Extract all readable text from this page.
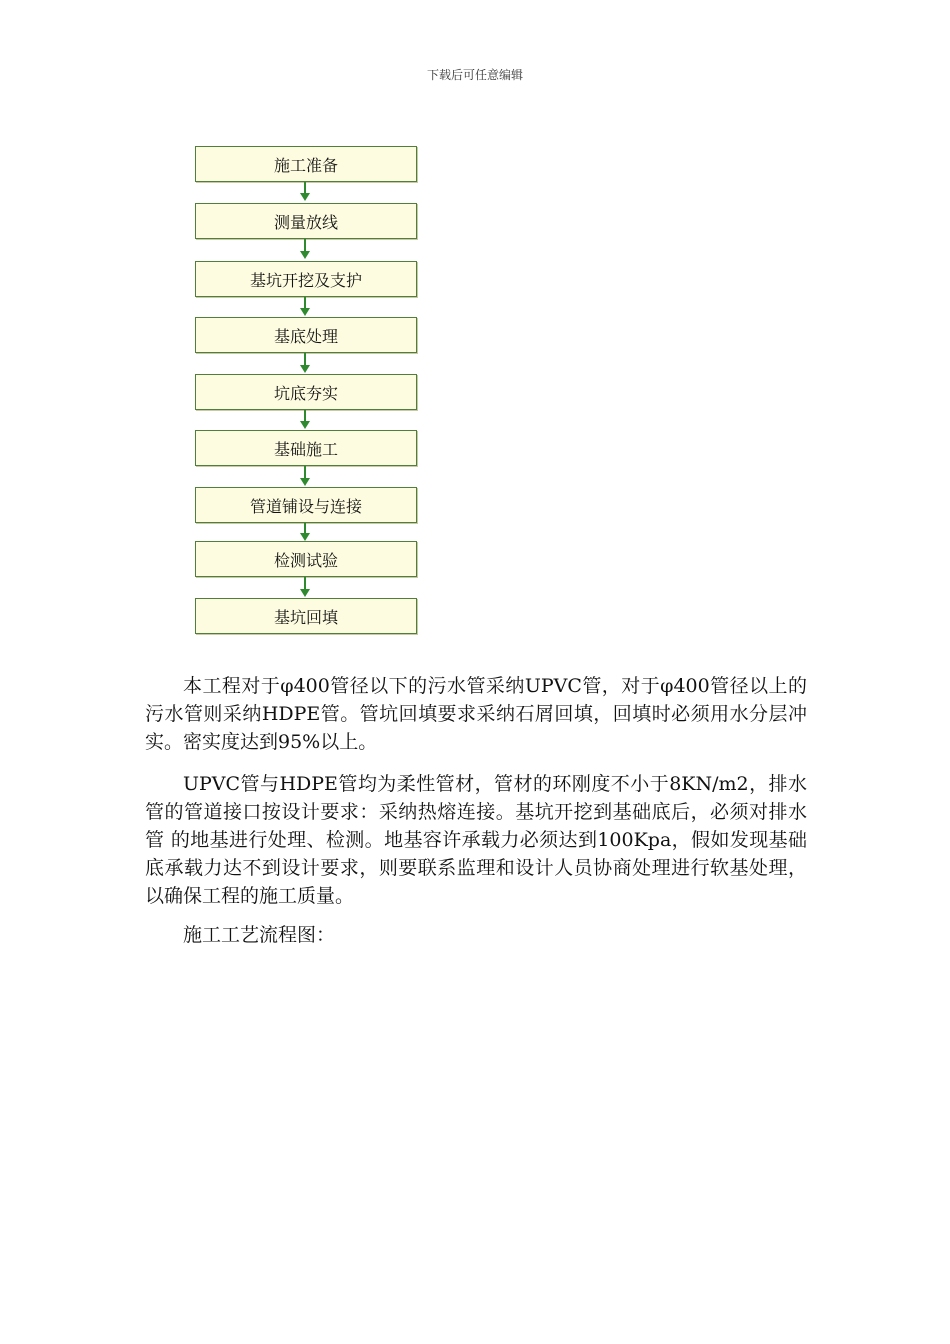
下载后可任意编辑
施工准备
测量放线
基坑开挖及支护
基底处理
坑底夯实
基础施工
管道铺设与连接
检测试验
基坑回填

本工程对于φ400管径以下的污水管采纳UPVC管，对于φ400管径以上的污水管则采纳HDPE管。管坑回填要求采纳石屑回填，回填时必须用水分层冲实。密实度达到95%以上。

UPVC管与HDPE管均为柔性管材，管材的环刚度不小于8KN/m2，排水管的管道接口按设计要求：采纳热熔连接。基坑开挖到基础底后，必须对排水管 的地基进行处理、检测。地基容许承载力必须达到100Kpa，假如发现基础底承载力达不到设计要求，则要联系监理和设计人员协商处理进行软基处理，以确保工程的施工质量。

施工工艺流程图：
